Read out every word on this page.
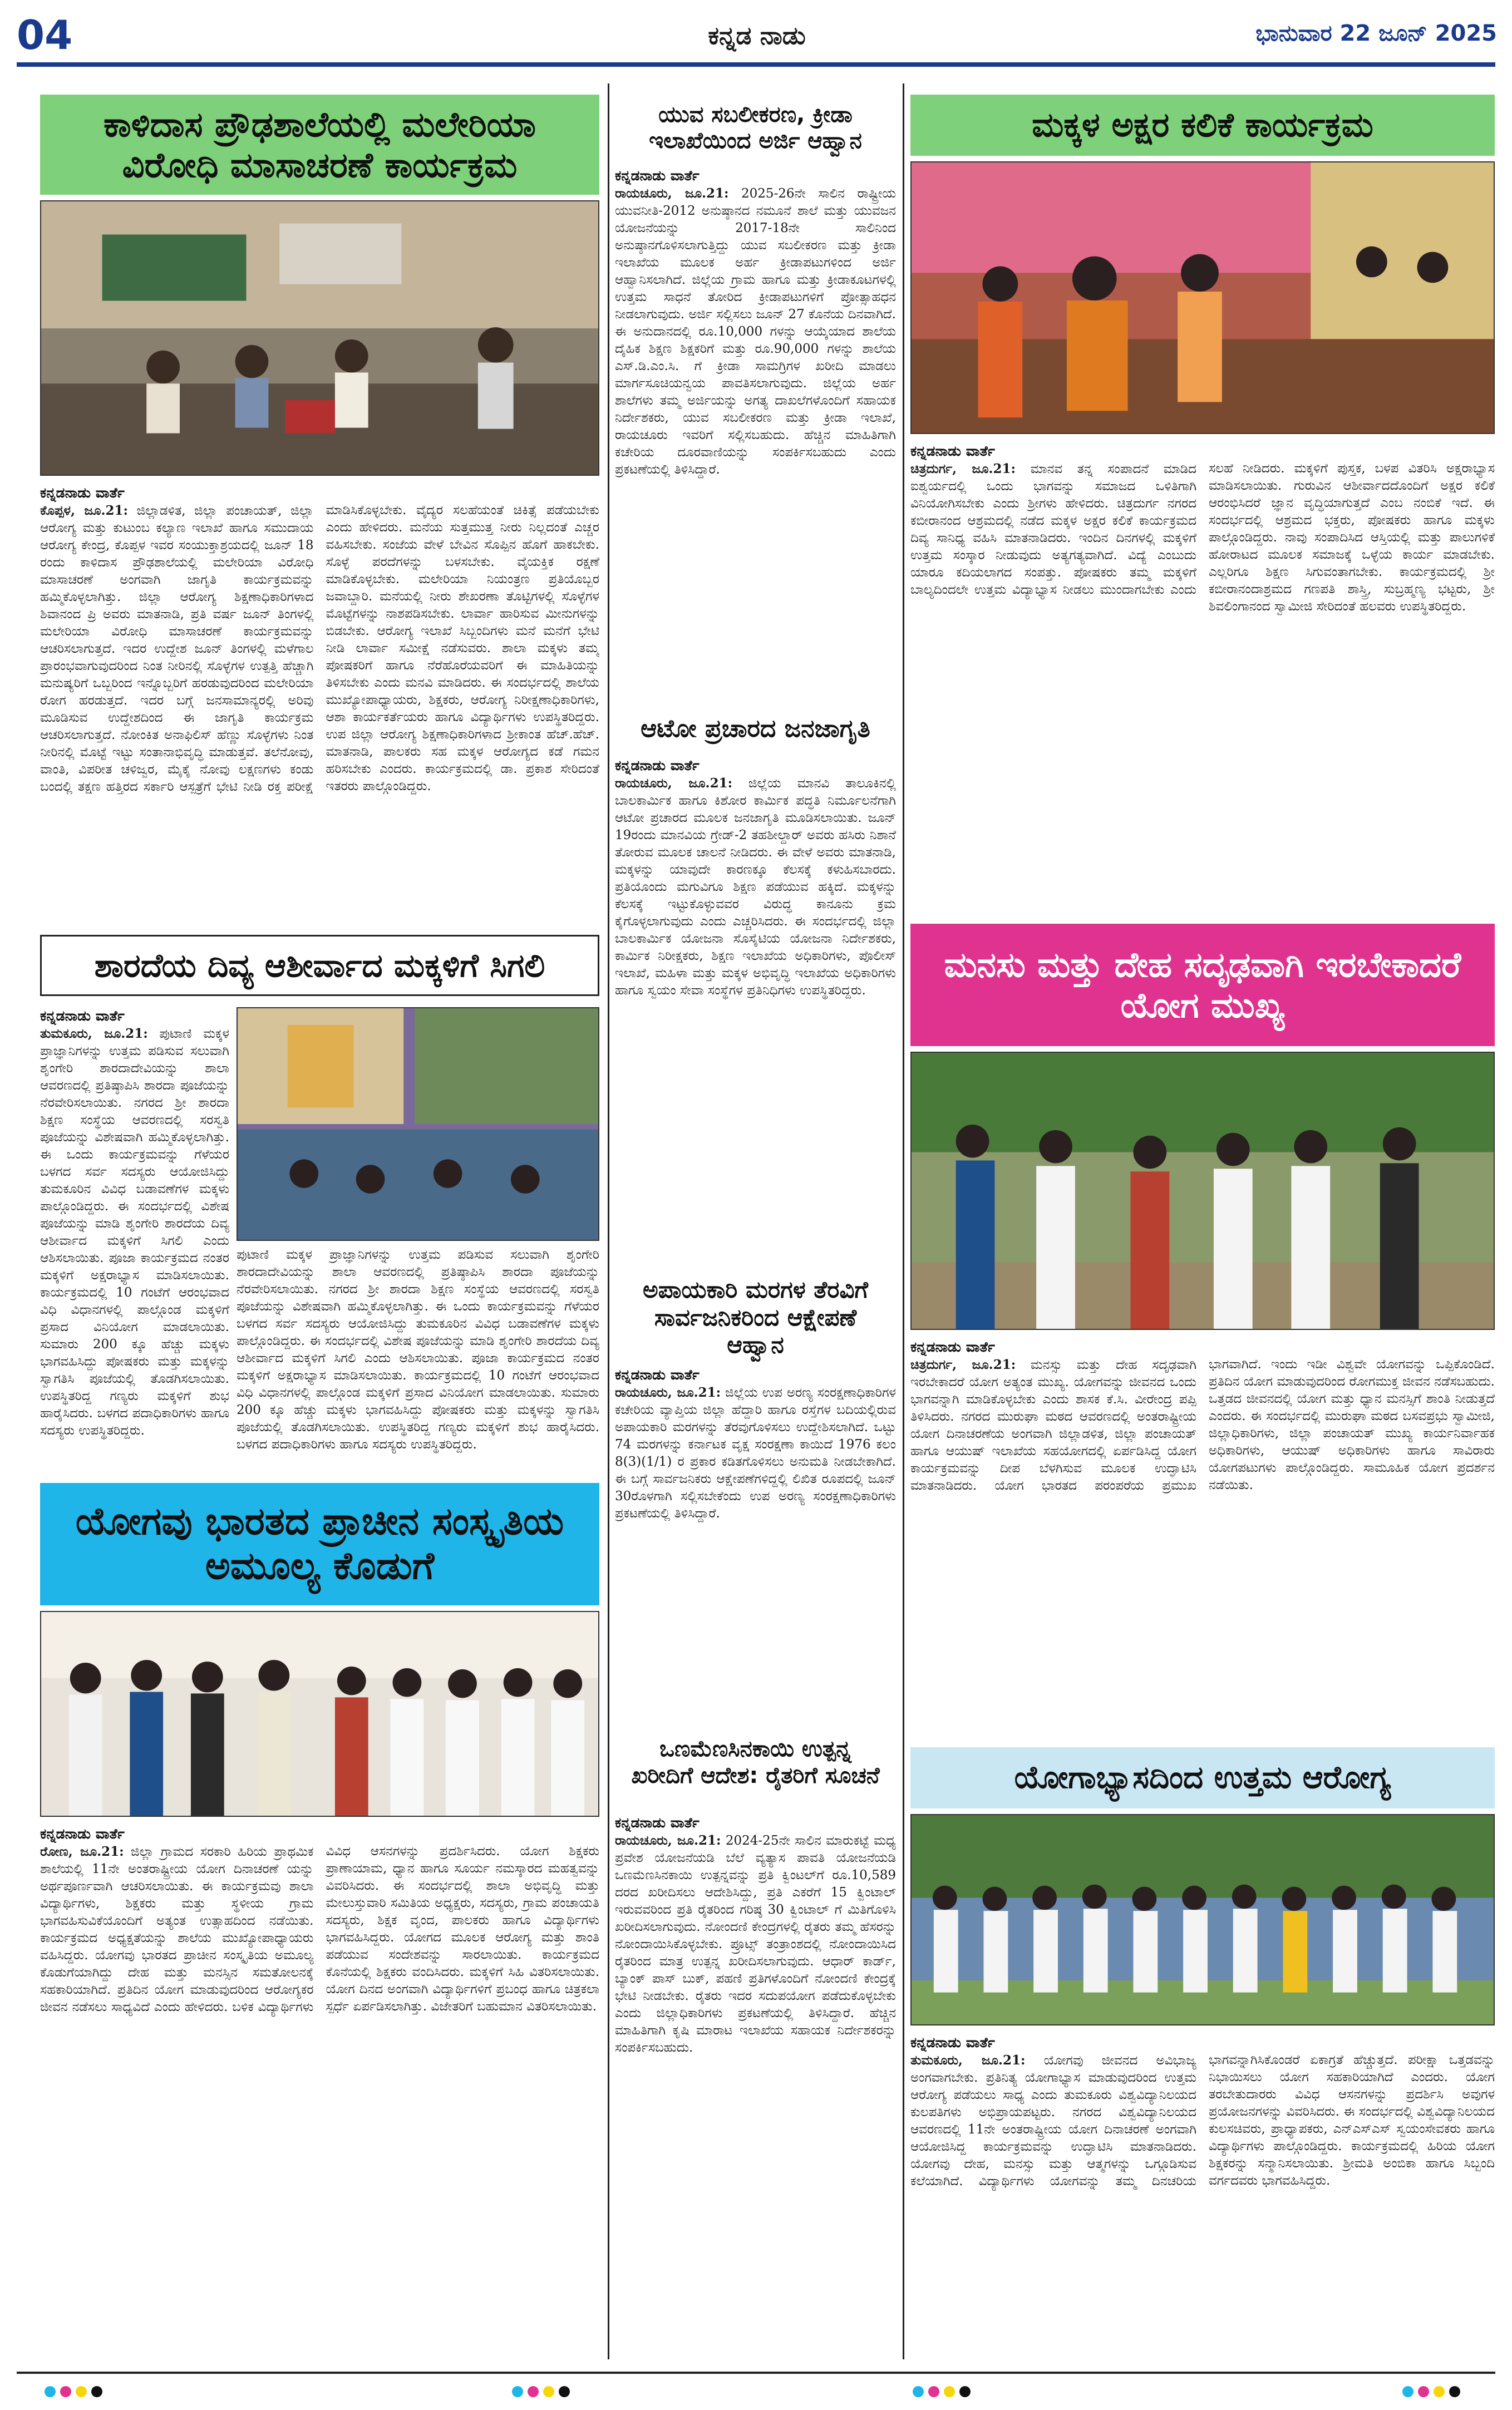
04	ಕನ್ನಡ ನಾಡು	ಭಾನುವಾರ 22 ಜೂನ್ 2025
ಕಾಳಿದಾಸ ಪ್ರೌಢಶಾಲೆಯಲ್ಲಿ ಮಲೇರಿಯಾ ವಿರೋಧಿ ಮಾಸಾಚರಣೆ ಕಾರ್ಯಕ್ರಮ
ಕನ್ನಡನಾಡು ವಾರ್ತೆ
ಕೊಪ್ಪಳ, ಜೂ.21: ಜಿಲ್ಲಾಡಳಿತ, ಜಿಲ್ಲಾ ಪಂಚಾಯತ್, ಜಿಲ್ಲಾ ಆರೋಗ್ಯ ಮತ್ತು ಕುಟುಂಬ ಕಲ್ಯಾಣ ಇಲಾಖೆ ಹಾಗೂ ಸಮುದಾಯ ಆರೋಗ್ಯ ಕೇಂದ್ರ, ಕೊಪ್ಪಳ ಇವರ ಸಂಯುಕ್ತಾಶ್ರಯದಲ್ಲಿ ಜೂನ್ 18 ರಂದು ಕಾಳಿದಾಸ ಪ್ರೌಢಶಾಲೆಯಲ್ಲಿ ಮಲೇರಿಯಾ ವಿರೋಧಿ ಮಾಸಾಚರಣೆ ಅಂಗವಾಗಿ ಜಾಗೃತಿ ಕಾರ್ಯಕ್ರಮವನ್ನು ಹಮ್ಮಿಕೊಳ್ಳಲಾಗಿತ್ತು. ಜಿಲ್ಲಾ ಆರೋಗ್ಯ ಶಿಕ್ಷಣಾಧಿಕಾರಿಗಳಾದ ಶಿವಾನಂದ ಪ್ರಿ ಅವರು ಮಾತನಾಡಿ, ಪ್ರತಿ ವರ್ಷ ಜೂನ್ ತಿಂಗಳಲ್ಲಿ ಮಲೇರಿಯಾ ವಿರೋಧಿ ಮಾಸಾಚರಣೆ ಕಾರ್ಯಕ್ರಮವನ್ನು ಆಚರಿಸಲಾಗುತ್ತದೆ. ಇದರ ಉದ್ದೇಶ ಜೂನ್ ತಿಂಗಳಲ್ಲಿ ಮಳೆಗಾಲ ಪ್ರಾರಂಭವಾಗುವುದರಿಂದ ನಿಂತ ನೀರಿನಲ್ಲಿ ಸೊಳ್ಳೆಗಳ ಉತ್ಪತ್ತಿ ಹೆಚ್ಚಾಗಿ ಮನುಷ್ಯರಿಗೆ ಒಬ್ಬರಿಂದ ಇನ್ನೊಬ್ಬರಿಗೆ ಹರಡುವುದರಿಂದ ಮಲೇರಿಯಾ ರೋಗ ಹರಡುತ್ತದೆ. ಇದರ ಬಗ್ಗೆ ಜನಸಾಮಾನ್ಯರಲ್ಲಿ ಅರಿವು ಮೂಡಿಸುವ ಉದ್ದೇಶದಿಂದ ಈ ಜಾಗೃತಿ ಕಾರ್ಯಕ್ರಮ ಆಚರಿಸಲಾಗುತ್ತದೆ. ನೋಂಕಿತ ಅನಾಫಿಲಿಸ್ ಹೆಣ್ಣು ಸೊಳ್ಳೆಗಳು ನಿಂತ ನೀರಿನಲ್ಲಿ ಮೊಟ್ಟೆ ಇಟ್ಟು ಸಂತಾನಾಭಿವೃದ್ಧಿ ಮಾಡುತ್ತವೆ. ತಲೆನೋವು, ವಾಂತಿ, ವಿಪರೀತ ಚಳಿಜ್ವರ, ಮೈಕೈ ನೋವು ಲಕ್ಷಣಗಳು ಕಂಡು ಬಂದಲ್ಲಿ ತಕ್ಷಣ ಹತ್ತಿರದ ಸರ್ಕಾರಿ ಆಸ್ಪತ್ರೆಗೆ ಭೇಟಿ ನೀಡಿ ರಕ್ತ ಪರೀಕ್ಷೆ ಮಾಡಿಸಿಕೊಳ್ಳಬೇಕು. ವೈದ್ಯರ ಸಲಹೆಯಂತೆ ಚಿಕಿತ್ಸೆ ಪಡೆಯಬೇಕು ಎಂದು ಹೇಳಿದರು. ಮನೆಯ ಸುತ್ತಮುತ್ತ ನೀರು ನಿಲ್ಲದಂತೆ ಎಚ್ಚರ ವಹಿಸಬೇಕು. ಸಂಜೆಯ ವೇಳೆ ಬೇವಿನ ಸೊಪ್ಪಿನ ಹೊಗೆ ಹಾಕಬೇಕು. ಸೊಳ್ಳೆ ಪರದೆಗಳನ್ನು ಬಳಸಬೇಕು. ವೈಯಕ್ತಿಕ ರಕ್ಷಣೆ ಮಾಡಿಕೊಳ್ಳಬೇಕು. ಮಲೇರಿಯಾ ನಿಯಂತ್ರಣ ಪ್ರತಿಯೊಬ್ಬರ ಜವಾಬ್ದಾರಿ. ಮನೆಯಲ್ಲಿ ನೀರು ಶೇಖರಣಾ ತೊಟ್ಟಿಗಳಲ್ಲಿ ಸೊಳ್ಳೆಗಳ ಮೊಟ್ಟೆಗಳನ್ನು ನಾಶಪಡಿಸಬೇಕು. ಲಾರ್ವಾ ಹಾರಿಸುವ ಮೀನುಗಳನ್ನು ಬಿಡಬೇಕು. ಆರೋಗ್ಯ ಇಲಾಖೆ ಸಿಬ್ಬಂದಿಗಳು ಮನೆ ಮನೆಗೆ ಭೇಟಿ ನೀಡಿ ಲಾರ್ವಾ ಸಮೀಕ್ಷೆ ನಡೆಸುವರು. ಶಾಲಾ ಮಕ್ಕಳು ತಮ್ಮ ಪೋಷಕರಿಗೆ ಹಾಗೂ ನೆರೆಹೊರೆಯವರಿಗೆ ಈ ಮಾಹಿತಿಯನ್ನು ತಿಳಿಸಬೇಕು ಎಂದು ಮನವಿ ಮಾಡಿದರು. ಈ ಸಂದರ್ಭದಲ್ಲಿ ಶಾಲೆಯ ಮುಖ್ಯೋಪಾಧ್ಯಾಯರು, ಶಿಕ್ಷಕರು, ಆರೋಗ್ಯ ನಿರೀಕ್ಷಣಾಧಿಕಾರಿಗಳು, ಆಶಾ ಕಾರ್ಯಕರ್ತೆಯರು ಹಾಗೂ ವಿದ್ಯಾರ್ಥಿಗಳು ಉಪಸ್ಥಿತರಿದ್ದರು. ಉಪ ಜಿಲ್ಲಾ ಆರೋಗ್ಯ ಶಿಕ್ಷಣಾಧಿಕಾರಿಗಳಾದ ಶ್ರೀಕಾಂತ ಹೆಚ್.ಹೆಚ್. ಮಾತನಾಡಿ, ಪಾಲಕರು ಸಹ ಮಕ್ಕಳ ಆರೋಗ್ಯದ ಕಡೆ ಗಮನ ಹರಿಸಬೇಕು ಎಂದರು. ಕಾರ್ಯಕ್ರಮದಲ್ಲಿ ಡಾ. ಪ್ರಕಾಶ ಸೇರಿದಂತೆ ಇತರರು ಪಾಲ್ಗೊಂಡಿದ್ದರು.
ಶಾರದೆಯ ದಿವ್ಯ ಆಶೀರ್ವಾದ ಮಕ್ಕಳಿಗೆ ಸಿಗಲಿ
ಕನ್ನಡನಾಡು ವಾರ್ತೆ
ತುಮಕೂರು, ಜೂ.21: ಪುಟಾಣಿ ಮಕ್ಕಳ ಪ್ರಾಜ್ಞಾನಿಗಳನ್ನು ಉತ್ತಮ ಪಡಿಸುವ ಸಲುವಾಗಿ ಶೃಂಗೇರಿ ಶಾರದಾದೇವಿಯನ್ನು ಶಾಲಾ ಆವರಣದಲ್ಲಿ ಪ್ರತಿಷ್ಠಾಪಿಸಿ ಶಾರದಾ ಪೂಜೆಯನ್ನು ನೆರವೇರಿಸಲಾಯಿತು. ನಗರದ ಶ್ರೀ ಶಾರದಾ ಶಿಕ್ಷಣ ಸಂಸ್ಥೆಯ ಆವರಣದಲ್ಲಿ ಸರಸ್ವತಿ ಪೂಜೆಯನ್ನು ವಿಶೇಷವಾಗಿ ಹಮ್ಮಿಕೊಳ್ಳಲಾಗಿತ್ತು. ಈ ಒಂದು ಕಾರ್ಯಕ್ರಮವನ್ನು ಗೆಳೆಯರ ಬಳಗದ ಸರ್ವ ಸದಸ್ಯರು ಆಯೋಜಿಸಿದ್ದು ತುಮಕೂರಿನ ವಿವಿಧ ಬಡಾವಣೆಗಳ ಮಕ್ಕಳು ಪಾಲ್ಗೊಂಡಿದ್ದರು. ಈ ಸಂದರ್ಭದಲ್ಲಿ ವಿಶೇಷ ಪೂಜೆಯನ್ನು ಮಾಡಿ ಶೃಂಗೇರಿ ಶಾರದೆಯ ದಿವ್ಯ ಆಶೀರ್ವಾದ ಮಕ್ಕಳಿಗೆ ಸಿಗಲಿ ಎಂದು ಆಶಿಸಲಾಯಿತು. ಪೂಜಾ ಕಾರ್ಯಕ್ರಮದ ನಂತರ ಮಕ್ಕಳಿಗೆ ಅಕ್ಷರಾಭ್ಯಾಸ ಮಾಡಿಸಲಾಯಿತು. ಕಾರ್ಯಕ್ರಮದಲ್ಲಿ 10 ಗಂಟೆಗೆ ಆರಂಭವಾದ ವಿಧಿ ವಿಧಾನಗಳಲ್ಲಿ ಪಾಲ್ಗೊಂಡ ಮಕ್ಕಳಿಗೆ ಪ್ರಸಾದ ವಿನಿಯೋಗ ಮಾಡಲಾಯಿತು. ಸುಮಾರು 200 ಕ್ಕೂ ಹೆಚ್ಚು ಮಕ್ಕಳು ಭಾಗವಹಿಸಿದ್ದು ಪೋಷಕರು ಮತ್ತು ಮಕ್ಕಳನ್ನು ಸ್ವಾಗತಿಸಿ ಪೂಜೆಯಲ್ಲಿ ತೊಡಗಿಸಲಾಯಿತು. ಉಪಸ್ಥಿತರಿದ್ದ ಗಣ್ಯರು ಮಕ್ಕಳಿಗೆ ಶುಭ ಹಾರೈಸಿದರು. ಬಳಗದ ಪದಾಧಿಕಾರಿಗಳು ಹಾಗೂ ಸದಸ್ಯರು ಉಪಸ್ಥಿತರಿದ್ದರು.
ಪುಟಾಣಿ ಮಕ್ಕಳ ಪ್ರಾಜ್ಞಾನಿಗಳನ್ನು ಉತ್ತಮ ಪಡಿಸುವ ಸಲುವಾಗಿ ಶೃಂಗೇರಿ ಶಾರದಾದೇವಿಯನ್ನು ಶಾಲಾ ಆವರಣದಲ್ಲಿ ಪ್ರತಿಷ್ಠಾಪಿಸಿ ಶಾರದಾ ಪೂಜೆಯನ್ನು ನೆರವೇರಿಸಲಾಯಿತು. ನಗರದ ಶ್ರೀ ಶಾರದಾ ಶಿಕ್ಷಣ ಸಂಸ್ಥೆಯ ಆವರಣದಲ್ಲಿ ಸರಸ್ವತಿ ಪೂಜೆಯನ್ನು ವಿಶೇಷವಾಗಿ ಹಮ್ಮಿಕೊಳ್ಳಲಾಗಿತ್ತು. ಈ ಒಂದು ಕಾರ್ಯಕ್ರಮವನ್ನು ಗೆಳೆಯರ ಬಳಗದ ಸರ್ವ ಸದಸ್ಯರು ಆಯೋಜಿಸಿದ್ದು ತುಮಕೂರಿನ ವಿವಿಧ ಬಡಾವಣೆಗಳ ಮಕ್ಕಳು ಪಾಲ್ಗೊಂಡಿದ್ದರು. ಈ ಸಂದರ್ಭದಲ್ಲಿ ವಿಶೇಷ ಪೂಜೆಯನ್ನು ಮಾಡಿ ಶೃಂಗೇರಿ ಶಾರದೆಯ ದಿವ್ಯ ಆಶೀರ್ವಾದ ಮಕ್ಕಳಿಗೆ ಸಿಗಲಿ ಎಂದು ಆಶಿಸಲಾಯಿತು. ಪೂಜಾ ಕಾರ್ಯಕ್ರಮದ ನಂತರ ಮಕ್ಕಳಿಗೆ ಅಕ್ಷರಾಭ್ಯಾಸ ಮಾಡಿಸಲಾಯಿತು. ಕಾರ್ಯಕ್ರಮದಲ್ಲಿ 10 ಗಂಟೆಗೆ ಆರಂಭವಾದ ವಿಧಿ ವಿಧಾನಗಳಲ್ಲಿ ಪಾಲ್ಗೊಂಡ ಮಕ್ಕಳಿಗೆ ಪ್ರಸಾದ ವಿನಿಯೋಗ ಮಾಡಲಾಯಿತು. ಸುಮಾರು 200 ಕ್ಕೂ ಹೆಚ್ಚು ಮಕ್ಕಳು ಭಾಗವಹಿಸಿದ್ದು ಪೋಷಕರು ಮತ್ತು ಮಕ್ಕಳನ್ನು ಸ್ವಾಗತಿಸಿ ಪೂಜೆಯಲ್ಲಿ ತೊಡಗಿಸಲಾಯಿತು. ಉಪಸ್ಥಿತರಿದ್ದ ಗಣ್ಯರು ಮಕ್ಕಳಿಗೆ ಶುಭ ಹಾರೈಸಿದರು. ಬಳಗದ ಪದಾಧಿಕಾರಿಗಳು ಹಾಗೂ ಸದಸ್ಯರು ಉಪಸ್ಥಿತರಿದ್ದರು.
ಯೋಗವು ಭಾರತದ ಪ್ರಾಚೀನ ಸಂಸ್ಕೃತಿಯ ಅಮೂಲ್ಯ ಕೊಡುಗೆ
ಕನ್ನಡನಾಡು ವಾರ್ತೆ
ರೋಣ, ಜೂ.21: ಜಿಲ್ಲಾ ಗ್ರಾಮದ ಸರಕಾರಿ ಹಿರಿಯ ಪ್ರಾಥಮಿಕ ಶಾಲೆಯಲ್ಲಿ 11ನೇ ಅಂತರಾಷ್ಟ್ರೀಯ ಯೋಗ ದಿನಾಚರಣೆ ಯನ್ನು ಅರ್ಥಪೂರ್ಣವಾಗಿ ಆಚರಿಸಲಾಯಿತು. ಈ ಕಾರ್ಯಕ್ರಮವು ಶಾಲಾ ವಿದ್ಯಾರ್ಥಿಗಳು, ಶಿಕ್ಷಕರು ಮತ್ತು ಸ್ಥಳೀಯ ಗ್ರಾಮ ಭಾಗವಹಿಸುವಿಕೆಯೊಂದಿಗೆ ಅತ್ಯಂತ ಉತ್ಸಾಹದಿಂದ ನಡೆಯಿತು. ಕಾರ್ಯಕ್ರಮದ ಅಧ್ಯಕ್ಷತೆಯನ್ನು ಶಾಲೆಯ ಮುಖ್ಯೋಪಾಧ್ಯಾಯರು ವಹಿಸಿದ್ದರು. ಯೋಗವು ಭಾರತದ ಪ್ರಾಚೀನ ಸಂಸ್ಕೃತಿಯ ಅಮೂಲ್ಯ ಕೊಡುಗೆಯಾಗಿದ್ದು ದೇಹ ಮತ್ತು ಮನಸ್ಸಿನ ಸಮತೋಲನಕ್ಕೆ ಸಹಕಾರಿಯಾಗಿದೆ. ಪ್ರತಿದಿನ ಯೋಗ ಮಾಡುವುದರಿಂದ ಆರೋಗ್ಯಕರ ಜೀವನ ನಡೆಸಲು ಸಾಧ್ಯವಿದೆ ಎಂದು ಹೇಳಿದರು. ಬಳಿಕ ವಿದ್ಯಾರ್ಥಿಗಳು ವಿವಿಧ ಆಸನಗಳನ್ನು ಪ್ರದರ್ಶಿಸಿದರು. ಯೋಗ ಶಿಕ್ಷಕರು ಪ್ರಾಣಾಯಾಮ, ಧ್ಯಾನ ಹಾಗೂ ಸೂರ್ಯ ನಮಸ್ಕಾರದ ಮಹತ್ವವನ್ನು ವಿವರಿಸಿದರು. ಈ ಸಂದರ್ಭದಲ್ಲಿ ಶಾಲಾ ಅಭಿವೃದ್ಧಿ ಮತ್ತು ಮೇಲುಸ್ತುವಾರಿ ಸಮಿತಿಯ ಅಧ್ಯಕ್ಷರು, ಸದಸ್ಯರು, ಗ್ರಾಮ ಪಂಚಾಯತಿ ಸದಸ್ಯರು, ಶಿಕ್ಷಕ ವೃಂದ, ಪಾಲಕರು ಹಾಗೂ ವಿದ್ಯಾರ್ಥಿಗಳು ಭಾಗವಹಿಸಿದ್ದರು. ಯೋಗದ ಮೂಲಕ ಆರೋಗ್ಯ ಮತ್ತು ಶಾಂತಿ ಪಡೆಯುವ ಸಂದೇಶವನ್ನು ಸಾರಲಾಯಿತು. ಕಾರ್ಯಕ್ರಮದ ಕೊನೆಯಲ್ಲಿ ಶಿಕ್ಷಕರು ವಂದಿಸಿದರು. ಮಕ್ಕಳಿಗೆ ಸಿಹಿ ವಿತರಿಸಲಾಯಿತು. ಯೋಗ ದಿನದ ಅಂಗವಾಗಿ ವಿದ್ಯಾರ್ಥಿಗಳಿಗೆ ಪ್ರಬಂಧ ಹಾಗೂ ಚಿತ್ರಕಲಾ ಸ್ಪರ್ಧೆ ಏರ್ಪಡಿಸಲಾಗಿತ್ತು. ವಿಜೇತರಿಗೆ ಬಹುಮಾನ ವಿತರಿಸಲಾಯಿತು.
ಯುವ ಸಬಲೀಕರಣ, ಕ್ರೀಡಾ ಇಲಾಖೆಯಿಂದ ಅರ್ಜಿ ಆಹ್ವಾನ
ಕನ್ನಡನಾಡು ವಾರ್ತೆ
ರಾಯಚೂರು, ಜೂ.21: 2025-26ನೇ ಸಾಲಿನ ರಾಷ್ಟ್ರೀಯ ಯುವನೀತಿ-2012 ಅನುಷ್ಠಾನದ ನಮೂನೆ ಶಾಲೆ ಮತ್ತು ಯುವಜನ ಯೋಜನೆಯನ್ನು 2017-18ನೇ ಸಾಲಿನಿಂದ ಅನುಷ್ಠಾನಗೊಳಿಸಲಾಗುತ್ತಿದ್ದು ಯುವ ಸಬಲೀಕರಣ ಮತ್ತು ಕ್ರೀಡಾ ಇಲಾಖೆಯ ಮೂಲಕ ಅರ್ಹ ಕ್ರೀಡಾಪಟುಗಳಿಂದ ಅರ್ಜಿ ಆಹ್ವಾನಿಸಲಾಗಿದೆ. ಜಿಲ್ಲೆಯ ಗ್ರಾಮ ಹಾಗೂ ಮತ್ತು ಕ್ರೀಡಾಕೂಟಗಳಲ್ಲಿ ಉತ್ತಮ ಸಾಧನೆ ತೋರಿದ ಕ್ರೀಡಾಪಟುಗಳಿಗೆ ಪ್ರೋತ್ಸಾಹಧನ ನೀಡಲಾಗುವುದು. ಅರ್ಜಿ ಸಲ್ಲಿಸಲು ಜೂನ್ 27 ಕೊನೆಯ ದಿನವಾಗಿದೆ. ಈ ಅನುದಾನದಲ್ಲಿ ರೂ.10,000 ಗಳನ್ನು ಆಯ್ಕೆಯಾದ ಶಾಲೆಯ ದೈಹಿಕ ಶಿಕ್ಷಣ ಶಿಕ್ಷಕರಿಗೆ ಮತ್ತು ರೂ.90,000 ಗಳನ್ನು ಶಾಲೆಯ ಎಸ್.ಡಿ.ಎಂ.ಸಿ. ಗೆ ಕ್ರೀಡಾ ಸಾಮಗ್ರಿಗಳ ಖರೀದಿ ಮಾಡಲು ಮಾರ್ಗಸೂಚಿಯನ್ವಯ ಪಾವತಿಸಲಾಗುವುದು. ಜಿಲ್ಲೆಯ ಅರ್ಹ ಶಾಲೆಗಳು ತಮ್ಮ ಅರ್ಜಿಯನ್ನು ಅಗತ್ಯ ದಾಖಲೆಗಳೊಂದಿಗೆ ಸಹಾಯಕ ನಿರ್ದೇಶಕರು, ಯುವ ಸಬಲೀಕರಣ ಮತ್ತು ಕ್ರೀಡಾ ಇಲಾಖೆ, ರಾಯಚೂರು ಇವರಿಗೆ ಸಲ್ಲಿಸಬಹುದು. ಹೆಚ್ಚಿನ ಮಾಹಿತಿಗಾಗಿ ಕಚೇರಿಯ ದೂರವಾಣಿಯನ್ನು ಸಂಪರ್ಕಿಸಬಹುದು ಎಂದು ಪ್ರಕಟಣೆಯಲ್ಲಿ ತಿಳಿಸಿದ್ದಾರೆ.
ಆಟೋ ಪ್ರಚಾರದ ಜನಜಾಗೃತಿ
ಕನ್ನಡನಾಡು ವಾರ್ತೆ
ರಾಯಚೂರು, ಜೂ.21: ಜಿಲ್ಲೆಯ ಮಾನವಿ ತಾಲೂಕಿನಲ್ಲಿ ಬಾಲಕಾರ್ಮಿಕ ಹಾಗೂ ಕಿಶೋರ ಕಾರ್ಮಿಕ ಪದ್ಧತಿ ನಿರ್ಮೂಲನೆಗಾಗಿ ಆಟೋ ಪ್ರಚಾರದ ಮೂಲಕ ಜನಜಾಗೃತಿ ಮೂಡಿಸಲಾಯಿತು. ಜೂನ್ 19ರಂದು ಮಾನವಿಯ ಗ್ರೇಡ್-2 ತಹಶೀಲ್ದಾರ್ ಅವರು ಹಸಿರು ನಿಶಾನೆ ತೋರುವ ಮೂಲಕ ಚಾಲನೆ ನೀಡಿದರು. ಈ ವೇಳೆ ಅವರು ಮಾತನಾಡಿ, ಮಕ್ಕಳನ್ನು ಯಾವುದೇ ಕಾರಣಕ್ಕೂ ಕೆಲಸಕ್ಕೆ ಕಳುಹಿಸಬಾರದು. ಪ್ರತಿಯೊಂದು ಮಗುವಿಗೂ ಶಿಕ್ಷಣ ಪಡೆಯುವ ಹಕ್ಕಿದೆ. ಮಕ್ಕಳನ್ನು ಕೆಲಸಕ್ಕೆ ಇಟ್ಟುಕೊಳ್ಳುವವರ ವಿರುದ್ಧ ಕಾನೂನು ಕ್ರಮ ಕೈಗೊಳ್ಳಲಾಗುವುದು ಎಂದು ಎಚ್ಚರಿಸಿದರು. ಈ ಸಂದರ್ಭದಲ್ಲಿ ಜಿಲ್ಲಾ ಬಾಲಕಾರ್ಮಿಕ ಯೋಜನಾ ಸೊಸೈಟಿಯ ಯೋಜನಾ ನಿರ್ದೇಶಕರು, ಕಾರ್ಮಿಕ ನಿರೀಕ್ಷಕರು, ಶಿಕ್ಷಣ ಇಲಾಖೆಯ ಅಧಿಕಾರಿಗಳು, ಪೊಲೀಸ್ ಇಲಾಖೆ, ಮಹಿಳಾ ಮತ್ತು ಮಕ್ಕಳ ಅಭಿವೃದ್ಧಿ ಇಲಾಖೆಯ ಅಧಿಕಾರಿಗಳು ಹಾಗೂ ಸ್ವಯಂ ಸೇವಾ ಸಂಸ್ಥೆಗಳ ಪ್ರತಿನಿಧಿಗಳು ಉಪಸ್ಥಿತರಿದ್ದರು.
ಅಪಾಯಕಾರಿ ಮರಗಳ ತೆರವಿಗೆ ಸಾರ್ವಜನಿಕರಿಂದ ಆಕ್ಷೇಪಣೆ ಆಹ್ವಾನ
ಕನ್ನಡನಾಡು ವಾರ್ತೆ
ರಾಯಚೂರು, ಜೂ.21: ಜಿಲ್ಲೆಯ ಉಪ ಅರಣ್ಯ ಸಂರಕ್ಷಣಾಧಿಕಾರಿಗಳ ಕಚೇರಿಯ ವ್ಯಾಪ್ತಿಯ ಜಿಲ್ಲಾ ಹೆದ್ದಾರಿ ಹಾಗೂ ರಸ್ತೆಗಳ ಬದಿಯಲ್ಲಿರುವ ಅಪಾಯಕಾರಿ ಮರಗಳನ್ನು ತೆರವುಗೊಳಿಸಲು ಉದ್ದೇಶಿಸಲಾಗಿದೆ. ಒಟ್ಟು 74 ಮರಗಳನ್ನು ಕರ್ನಾಟಕ ವೃಕ್ಷ ಸಂರಕ್ಷಣಾ ಕಾಯಿದೆ 1976 ಕಲಂ 8(3)(1/1) ರ ಪ್ರಕಾರ ಕಡಿತಗೊಳಿಸಲು ಅನುಮತಿ ನೀಡಬೇಕಾಗಿದೆ. ಈ ಬಗ್ಗೆ ಸಾರ್ವಜನಿಕರು ಆಕ್ಷೇಪಣೆಗಳಿದ್ದಲ್ಲಿ ಲಿಖಿತ ರೂಪದಲ್ಲಿ ಜೂನ್ 30ರೊಳಗಾಗಿ ಸಲ್ಲಿಸಬೇಕೆಂದು ಉಪ ಅರಣ್ಯ ಸಂರಕ್ಷಣಾಧಿಕಾರಿಗಳು ಪ್ರಕಟಣೆಯಲ್ಲಿ ತಿಳಿಸಿದ್ದಾರೆ.
ಒಣಮೆಣಸಿನಕಾಯಿ ಉತ್ಪನ್ನ ಖರೀದಿಗೆ ಆದೇಶ: ರೈತರಿಗೆ ಸೂಚನೆ
ಕನ್ನಡನಾಡು ವಾರ್ತೆ
ರಾಯಚೂರು, ಜೂ.21: 2024-25ನೇ ಸಾಲಿನ ಮಾರುಕಟ್ಟೆ ಮಧ್ಯ ಪ್ರವೇಶ ಯೋಜನೆಯಡಿ ಬೆಲೆ ವ್ಯತ್ಯಾಸ ಪಾವತಿ ಯೋಜನೆಯಡಿ ಒಣಮೆಣಸಿನಕಾಯಿ ಉತ್ಪನ್ನವನ್ನು ಪ್ರತಿ ಕ್ವಿಂಟಲ್‌ಗೆ ರೂ.10,589 ದರದ ಖರೀದಿಸಲು ಆದೇಶಿಸಿದ್ದು, ಪ್ರತಿ ಎಕರೆಗೆ 15 ಕ್ವಿಂಟಾಲ್ ಇರುವವರಿಂದ ಪ್ರತಿ ರೈತರಿಂದ ಗರಿಷ್ಠ 30 ಕ್ವಿಂಟಾಲ್ ಗೆ ಮಿತಿಗೊಳಿಸಿ ಖರೀದಿಸಲಾಗುವುದು. ನೋಂದಣಿ ಕೇಂದ್ರಗಳಲ್ಲಿ ರೈತರು ತಮ್ಮ ಹೆಸರನ್ನು ನೋಂದಾಯಿಸಿಕೊಳ್ಳಬೇಕು. ಪ್ರೂಟ್ಸ್ ತಂತ್ರಾಂಶದಲ್ಲಿ ನೋಂದಾಯಿಸಿದ ರೈತರಿಂದ ಮಾತ್ರ ಉತ್ಪನ್ನ ಖರೀದಿಸಲಾಗುವುದು. ಆಧಾರ್ ಕಾರ್ಡ್, ಬ್ಯಾಂಕ್ ಪಾಸ್ ಬುಕ್, ಪಹಣಿ ಪ್ರತಿಗಳೊಂದಿಗೆ ನೋಂದಣಿ ಕೇಂದ್ರಕ್ಕೆ ಭೇಟಿ ನೀಡಬೇಕು. ರೈತರು ಇದರ ಸದುಪಯೋಗ ಪಡೆದುಕೊಳ್ಳಬೇಕು ಎಂದು ಜಿಲ್ಲಾಧಿಕಾರಿಗಳು ಪ್ರಕಟಣೆಯಲ್ಲಿ ತಿಳಿಸಿದ್ದಾರೆ. ಹೆಚ್ಚಿನ ಮಾಹಿತಿಗಾಗಿ ಕೃಷಿ ಮಾರಾಟ ಇಲಾಖೆಯ ಸಹಾಯಕ ನಿರ್ದೇಶಕರನ್ನು ಸಂಪರ್ಕಿಸಬಹುದು.
ಮಕ್ಕಳ ಅಕ್ಷರ ಕಲಿಕೆ ಕಾರ್ಯಕ್ರಮ
ಕನ್ನಡನಾಡು ವಾರ್ತೆ
ಚಿತ್ರದುರ್ಗ, ಜೂ.21: ಮಾನವ ತನ್ನ ಸಂಪಾದನೆ ಮಾಡಿದ ಐಶ್ವರ್ಯದಲ್ಲಿ ಒಂದು ಭಾಗವನ್ನು ಸಮಾಜದ ಒಳಿತಿಗಾಗಿ ವಿನಿಯೋಗಿಸಬೇಕು ಎಂದು ಶ್ರೀಗಳು ಹೇಳಿದರು. ಚಿತ್ರದುರ್ಗ ನಗರದ ಕಬೀರಾನಂದ ಆಶ್ರಮದಲ್ಲಿ ನಡೆದ ಮಕ್ಕಳ ಅಕ್ಷರ ಕಲಿಕೆ ಕಾರ್ಯಕ್ರಮದ ದಿವ್ಯ ಸಾನಿಧ್ಯ ವಹಿಸಿ ಮಾತನಾಡಿದರು. ಇಂದಿನ ದಿನಗಳಲ್ಲಿ ಮಕ್ಕಳಿಗೆ ಉತ್ತಮ ಸಂಸ್ಕಾರ ನೀಡುವುದು ಅತ್ಯಗತ್ಯವಾಗಿದೆ. ವಿದ್ಯೆ ಎಂಬುದು ಯಾರೂ ಕದಿಯಲಾಗದ ಸಂಪತ್ತು. ಪೋಷಕರು ತಮ್ಮ ಮಕ್ಕಳಿಗೆ ಬಾಲ್ಯದಿಂದಲೇ ಉತ್ತಮ ವಿದ್ಯಾಭ್ಯಾಸ ನೀಡಲು ಮುಂದಾಗಬೇಕು ಎಂದು ಸಲಹೆ ನೀಡಿದರು. ಮಕ್ಕಳಿಗೆ ಪುಸ್ತಕ, ಬಳಪ ವಿತರಿಸಿ ಅಕ್ಷರಾಭ್ಯಾಸ ಮಾಡಿಸಲಾಯಿತು. ಗುರುವಿನ ಆಶೀರ್ವಾದದೊಂದಿಗೆ ಅಕ್ಷರ ಕಲಿಕೆ ಆರಂಭಿಸಿದರೆ ಜ್ಞಾನ ವೃದ್ಧಿಯಾಗುತ್ತದೆ ಎಂಬ ನಂಬಿಕೆ ಇದೆ. ಈ ಸಂದರ್ಭದಲ್ಲಿ ಆಶ್ರಮದ ಭಕ್ತರು, ಪೋಷಕರು ಹಾಗೂ ಮಕ್ಕಳು ಪಾಲ್ಗೊಂಡಿದ್ದರು. ನಾವು ಸಂಪಾದಿಸಿದ ಆಸ್ತಿಯಲ್ಲಿ ಮತ್ತು ಪಾಲುಗಳಿಕೆ ಹೋರಾಟದ ಮೂಲಕ ಸಮಾಜಕ್ಕೆ ಒಳ್ಳೆಯ ಕಾರ್ಯ ಮಾಡಬೇಕು. ಎಲ್ಲರಿಗೂ ಶಿಕ್ಷಣ ಸಿಗುವಂತಾಗಬೇಕು. ಕಾರ್ಯಕ್ರಮದಲ್ಲಿ ಶ್ರೀ ಕಬೀರಾನಂದಾಶ್ರಮದ ಗಣಪತಿ ಶಾಸ್ತ್ರಿ, ಸುಬ್ರಹ್ಮಣ್ಯ ಭಟ್ಟರು, ಶ್ರೀ ಶಿವಲಿಂಗಾನಂದ ಸ್ವಾಮೀಜಿ ಸೇರಿದಂತೆ ಹಲವರು ಉಪಸ್ಥಿತರಿದ್ದರು.
ಮನಸು ಮತ್ತು ದೇಹ ಸದೃಢವಾಗಿ ಇರಬೇಕಾದರೆ ಯೋಗ ಮುಖ್ಯ
ಕನ್ನಡನಾಡು ವಾರ್ತೆ
ಚಿತ್ರದುರ್ಗ, ಜೂ.21: ಮನಸ್ಸು ಮತ್ತು ದೇಹ ಸದೃಢವಾಗಿ ಇರಬೇಕಾದರೆ ಯೋಗ ಅತ್ಯಂತ ಮುಖ್ಯ. ಯೋಗವನ್ನು ಜೀವನದ ಒಂದು ಭಾಗವನ್ನಾಗಿ ಮಾಡಿಕೊಳ್ಳಬೇಕು ಎಂದು ಶಾಸಕ ಕೆ.ಸಿ. ವೀರೇಂದ್ರ ಪಪ್ಪಿ ತಿಳಿಸಿದರು. ನಗರದ ಮುರುಘಾ ಮಠದ ಆವರಣದಲ್ಲಿ ಅಂತರಾಷ್ಟ್ರೀಯ ಯೋಗ ದಿನಾಚರಣೆಯ ಅಂಗವಾಗಿ ಜಿಲ್ಲಾಡಳಿತ, ಜಿಲ್ಲಾ ಪಂಚಾಯತ್ ಹಾಗೂ ಆಯುಷ್ ಇಲಾಖೆಯ ಸಹಯೋಗದಲ್ಲಿ ಏರ್ಪಡಿಸಿದ್ದ ಯೋಗ ಕಾರ್ಯಕ್ರಮವನ್ನು ದೀಪ ಬೆಳಗಿಸುವ ಮೂಲಕ ಉದ್ಘಾಟಿಸಿ ಮಾತನಾಡಿದರು. ಯೋಗ ಭಾರತದ ಪರಂಪರೆಯ ಪ್ರಮುಖ ಭಾಗವಾಗಿದೆ. ಇಂದು ಇಡೀ ವಿಶ್ವವೇ ಯೋಗವನ್ನು ಒಪ್ಪಿಕೊಂಡಿದೆ. ಪ್ರತಿದಿನ ಯೋಗ ಮಾಡುವುದರಿಂದ ರೋಗಮುಕ್ತ ಜೀವನ ನಡೆಸಬಹುದು. ಒತ್ತಡದ ಜೀವನದಲ್ಲಿ ಯೋಗ ಮತ್ತು ಧ್ಯಾನ ಮನಸ್ಸಿಗೆ ಶಾಂತಿ ನೀಡುತ್ತದೆ ಎಂದರು. ಈ ಸಂದರ್ಭದಲ್ಲಿ ಮುರುಘಾ ಮಠದ ಬಸವಪ್ರಭು ಸ್ವಾಮೀಜಿ, ಜಿಲ್ಲಾಧಿಕಾರಿಗಳು, ಜಿಲ್ಲಾ ಪಂಚಾಯತ್ ಮುಖ್ಯ ಕಾರ್ಯನಿರ್ವಾಹಕ ಅಧಿಕಾರಿಗಳು, ಆಯುಷ್ ಅಧಿಕಾರಿಗಳು ಹಾಗೂ ಸಾವಿರಾರು ಯೋಗಪಟುಗಳು ಪಾಲ್ಗೊಂಡಿದ್ದರು. ಸಾಮೂಹಿಕ ಯೋಗ ಪ್ರದರ್ಶನ ನಡೆಯಿತು.
ಯೋಗಾಭ್ಯಾಸದಿಂದ ಉತ್ತಮ ಆರೋಗ್ಯ
ಕನ್ನಡನಾಡು ವಾರ್ತೆ
ತುಮಕೂರು, ಜೂ.21: ಯೋಗವು ಜೀವನದ ಅವಿಭಾಜ್ಯ ಅಂಗವಾಗಬೇಕು. ಪ್ರತಿನಿತ್ಯ ಯೋಗಾಭ್ಯಾಸ ಮಾಡುವುದರಿಂದ ಉತ್ತಮ ಆರೋಗ್ಯ ಪಡೆಯಲು ಸಾಧ್ಯ ಎಂದು ತುಮಕೂರು ವಿಶ್ವವಿದ್ಯಾನಿಲಯದ ಕುಲಪತಿಗಳು ಅಭಿಪ್ರಾಯಪಟ್ಟರು. ನಗರದ ವಿಶ್ವವಿದ್ಯಾನಿಲಯದ ಆವರಣದಲ್ಲಿ 11ನೇ ಅಂತರಾಷ್ಟ್ರೀಯ ಯೋಗ ದಿನಾಚರಣೆ ಅಂಗವಾಗಿ ಆಯೋಜಿಸಿದ್ದ ಕಾರ್ಯಕ್ರಮವನ್ನು ಉದ್ಘಾಟಿಸಿ ಮಾತನಾಡಿದರು. ಯೋಗವು ದೇಹ, ಮನಸ್ಸು ಮತ್ತು ಆತ್ಮಗಳನ್ನು ಒಗ್ಗೂಡಿಸುವ ಕಲೆಯಾಗಿದೆ. ವಿದ್ಯಾರ್ಥಿಗಳು ಯೋಗವನ್ನು ತಮ್ಮ ದಿನಚರಿಯ ಭಾಗವನ್ನಾಗಿಸಿಕೊಂಡರೆ ಏಕಾಗ್ರತೆ ಹೆಚ್ಚುತ್ತದೆ. ಪರೀಕ್ಷಾ ಒತ್ತಡವನ್ನು ನಿಭಾಯಿಸಲು ಯೋಗ ಸಹಕಾರಿಯಾಗಿದೆ ಎಂದರು. ಯೋಗ ತರಬೇತುದಾರರು ವಿವಿಧ ಆಸನಗಳನ್ನು ಪ್ರದರ್ಶಿಸಿ ಅವುಗಳ ಪ್ರಯೋಜನಗಳನ್ನು ವಿವರಿಸಿದರು. ಈ ಸಂದರ್ಭದಲ್ಲಿ ವಿಶ್ವವಿದ್ಯಾನಿಲಯದ ಕುಲಸಚಿವರು, ಪ್ರಾಧ್ಯಾಪಕರು, ಎನ್‌ಎಸ್‌ಎಸ್ ಸ್ವಯಂಸೇವಕರು ಹಾಗೂ ವಿದ್ಯಾರ್ಥಿಗಳು ಪಾಲ್ಗೊಂಡಿದ್ದರು. ಕಾರ್ಯಕ್ರಮದಲ್ಲಿ ಹಿರಿಯ ಯೋಗ ಶಿಕ್ಷಕರನ್ನು ಸನ್ಮಾನಿಸಲಾಯಿತು. ಶ್ರೀಮತಿ ಅಂಬಿಕಾ ಹಾಗೂ ಸಿಬ್ಬಂದಿ ವರ್ಗದವರು ಭಾಗವಹಿಸಿದ್ದರು.
